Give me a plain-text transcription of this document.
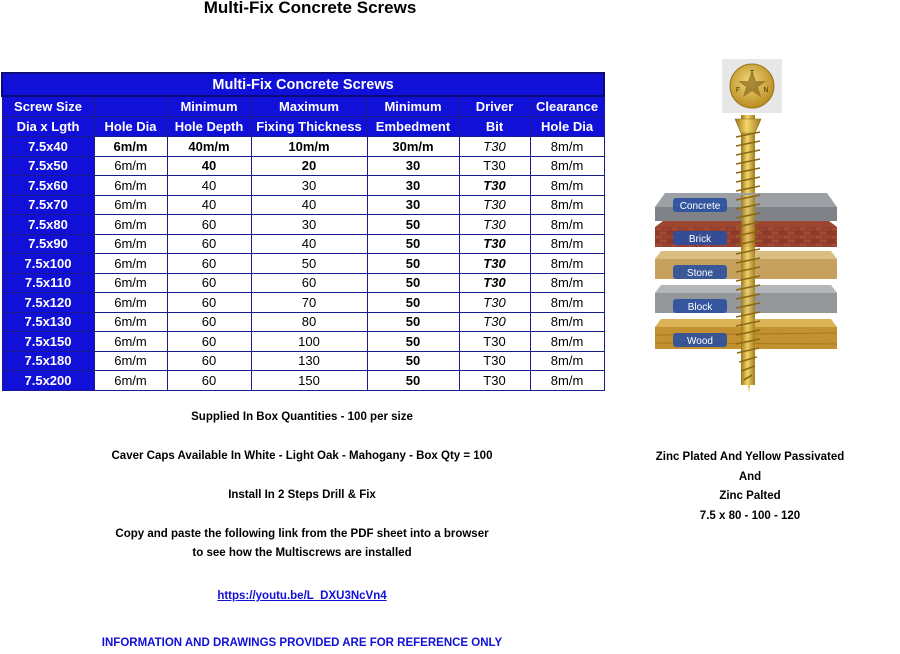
Multi-Fix Concrete Screws
Multi-Fix Concrete Screws						
Screw Size		Minimum	Maximum	Minimum	Driver	Clearance
Dia x Lgth	Hole Dia	Hole Depth	Fixing Thickness	Embedment	Bit	Hole Dia
7.5x40	6m/m	40m/m	10m/m	30m/m	T30	8m/m
7.5x50	6m/m	40	20	30	T30	8m/m
7.5x60	6m/m	40	30	30	T30	8m/m
7.5x70	6m/m	40	40	30	T30	8m/m
7.5x80	6m/m	60	30	50	T30	8m/m
7.5x90	6m/m	60	40	50	T30	8m/m
7.5x100	6m/m	60	50	50	T30	8m/m
7.5x110	6m/m	60	60	50	T30	8m/m
7.5x120	6m/m	60	70	50	T30	8m/m
7.5x130	6m/m	60	80	50	T30	8m/m
7.5x150	6m/m	60	100	50	T30	8m/m
7.5x180	6m/m	60	130	50	T30	8m/m
7.5x200	6m/m	60	150	50	T30	8m/m
Supplied In Box Quantities - 100 per size
Caver Caps Available In White - Light Oak - Mahogany - Box Qty = 100
Install In 2 Steps Drill & Fix
Copy and paste the following link from the PDF sheet into a browser
to see how the Multiscrews are installed
https://youtu.be/L_DXU3NcVn4
INFORMATION AND DRAWINGS PROVIDED ARE FOR REFERENCE ONLY
Zinc Plated And Yellow Passivated
And
Zinc Palted
7.5 x 80 - 100 - 120
T
F	N
Concrete
Brick
Stone
Block
Wood
